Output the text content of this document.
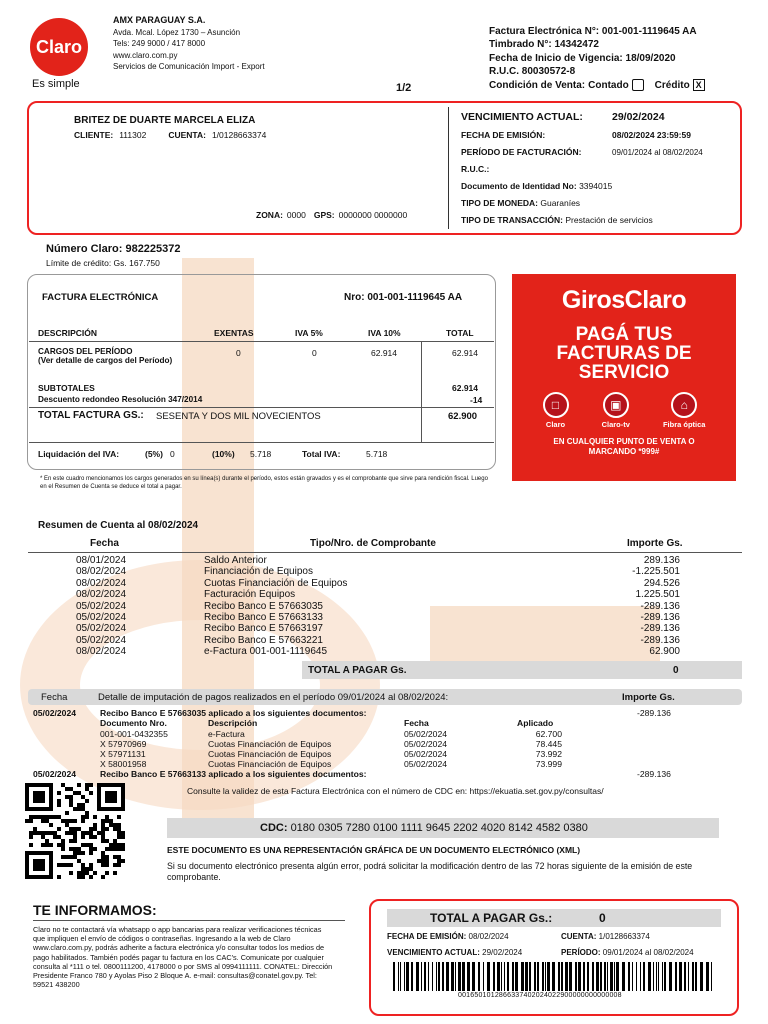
Claro
Es simple
AMX PARAGUAY S.A.
Avda. Mcal. López 1730 – Asunción
Tels: 249 9000 / 417 8000
www.claro.com.py
Servicios de Comunicación Import - Export
1/2
Factura Electrónica N°: 001-001-1119645 AA
Timbrado N°: 14342472
Fecha de Inicio de Vigencia: 18/09/2020
R.U.C. 80030572-8
Condición de Venta: Contado	Crédito X
BRITEZ DE DUARTE MARCELA ELIZA
CLIENTE: 111302	CUENTA: 1/0128663374
ZONA: 0000 GPS: 0000000 0000000
VENCIMIENTO ACTUAL:	29/02/2024
FECHA DE EMISIÓN:	08/02/2024 23:59:59
PERÍODO DE FACTURACIÓN:	09/01/2024 al 08/02/2024
R.U.C.:
Documento de Identidad No: 3394015
TIPO DE MONEDA: Guaraníes
TIPO DE TRANSACCIÓN: Prestación de servicios
Número Claro: 982225372
Límite de crédito: Gs. 167.750
FACTURA ELECTRÓNICA	Nro: 001-001-1119645 AA
DESCRIPCIÓN	EXENTAS	IVA 5%	IVA 10%	TOTAL
CARGOS DEL PERÍODO
(Ver detalle de cargos del Período)
0	0	62.914	62.914
SUBTOTALES	62.914
Descuento redondeo Resolución 347/2014	-14
TOTAL FACTURA GS.: SESENTA Y DOS MIL NOVECIENTOS	62.900
Liquidación del IVA:	(5%) 0	(10%) 5.718	Total IVA:	5.718
* En este cuadro mencionamos los cargos generados en su línea(s) durante el período, estos están gravados y es el comprobante que sirve para rendición fiscal. Luego en el Resumen de Cuenta se deduce el total a pagar.
GirosClaro
PAGÁ TUS
FACTURAS DE
SERVICIO
□
Claro
▣
Claro-tv
⌂
Fibra óptica
EN CUALQUIER PUNTO DE VENTA O
MARCANDO *999#
Resumen de Cuenta al 08/02/2024
Fecha	Tipo/Nro. de Comprobante	Importe Gs.
08/01/2024	Saldo Anterior	289.136
08/02/2024	Financiación de Equipos	-1.225.501
08/02/2024	Cuotas Financiación de Equipos	294.526
08/02/2024	Facturación Equipos	1.225.501
05/02/2024	Recibo Banco E 57663035	-289.136
05/02/2024	Recibo Banco E 57663133	-289.136
05/02/2024	Recibo Banco E 57663197	-289.136
05/02/2024	Recibo Banco E 57663221	-289.136
08/02/2024	e-Factura 001-001-1119645	62.900
TOTAL A PAGAR Gs.	0
Fecha	Detalle de imputación de pagos realizados en el período 09/01/2024 al 08/02/2024:	Importe Gs.
05/02/2024	Recibo Banco E 57663035 aplicado a los siguientes documentos:	-289.136
Documento Nro.	Descripción	Fecha	Aplicado
001-001-0432355	e-Factura	05/02/2024	62.700
X 57970969	Cuotas Financiación de Equipos	05/02/2024	78.445
X 57971131	Cuotas Financiación de Equipos	05/02/2024	73.992
X 58001958	Cuotas Financiación de Equipos	05/02/2024	73.999
05/02/2024	Recibo Banco E 57663133 aplicado a los siguientes documentos:	-289.136
Consulte la validez de esta Factura Electrónica con el número de CDC en: https://ekuatia.set.gov.py/consultas/
CDC: 0180 0305 7280 0100 1111 9645 2202 4020 8142 4582 0380
ESTE DOCUMENTO ES UNA REPRESENTACIÓN GRÁFICA DE UN DOCUMENTO ELECTRÓNICO (XML)
Si su documento electrónico presenta algún error, podrá solicitar la modificación dentro de las 72 horas siguiente de la emisión de este comprobante.
TE INFORMAMOS:
Claro no te contactará vía whatsapp o app bancarias para realizar verificaciones técnicas que impliquen el envío de códigos o contraseñas. Ingresando a la web de Claro www.claro.com.py, podrás adherite a factura electrónica y/o consultar todos los medios de pago habilitados. También podés pagar tu factura en los CAC's. Comunicate por cualquier consulta al *111 o tel. 0800111200, 4178000 o por SMS al 0994111111. CONATEL: Dirección Presidente Franco 780 y Ayolas Piso 2 Bloque A. e-mail: consultas@conatel.gov.py. Tel: 59521 438200
TOTAL A PAGAR Gs.:	0
FECHA DE EMISIÓN: 08/02/2024	CUENTA: 1/0128663374
VENCIMIENTO ACTUAL: 29/02/2024	PERÍODO: 09/01/2024 al 08/02/2024
0016501012866337402024022900000000000008
